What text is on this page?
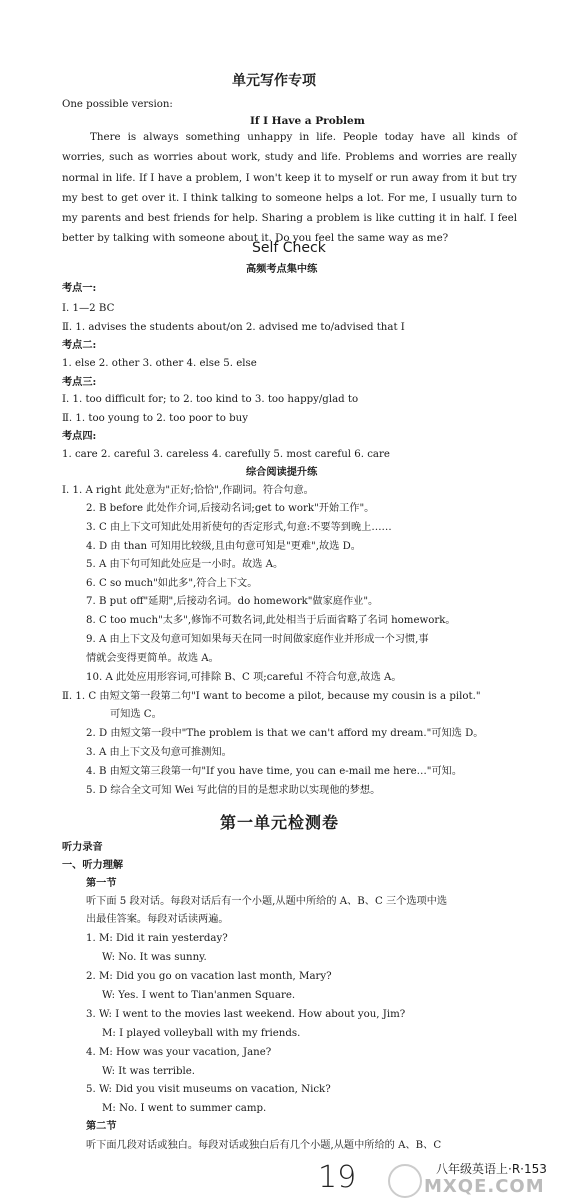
单元写作专项
One possible version:
If I Have a Problem
There is always something unhappy in life. People today have all kinds of worries, such as worries about work, study and life. Problems and worries are really normal in life. If I have a problem, I won't keep it to myself or run away from it but try my best to get over it. I think talking to someone helps a lot. For me, I usually turn to my parents and best friends for help. Sharing a problem is like cutting it in half. I feel better by talking with someone about it. Do you feel the same way as me?
Self Check
高频考点集中练
考点一:
Ⅰ. 1—2 BC
Ⅱ. 1. advises the students about/on 2. advised me to/advised that I
考点二:
1. else 2. other 3. other 4. else 5. else
考点三:
Ⅰ. 1. too difficult for; to 2. too kind to 3. too happy/glad to
Ⅱ. 1. too young to 2. too poor to buy
考点四:
1. care 2. careful 3. careless 4. carefully 5. most careful 6. care
综合阅读提升练
Ⅰ. 1. A right 此处意为"正好;恰恰",作副词。符合句意。
2. B before 此处作介词,后接动名词;get to work"开始工作"。
3. C 由上下文可知此处用祈使句的否定形式,句意:不要等到晚上……
4. D 由 than 可知用比较级,且由句意可知是"更难",故选 D。
5. A 由下句可知此处应是一小时。故选 A。
6. C so much"如此多",符合上下文。
7. B put off"延期",后接动名词。do homework"做家庭作业"。
8. C too much"太多",修饰不可数名词,此处相当于后面省略了名词 homework。
9. A 由上下文及句意可知如果每天在同一时间做家庭作业并形成一个习惯,事
情就会变得更简单。故选 A。
10. A 此处应用形容词,可排除 B、C 项;careful 不符合句意,故选 A。
Ⅱ. 1. C 由短文第一段第二句"I want to become a pilot, because my cousin is a pilot."
可知选 C。
2. D 由短文第一段中"The problem is that we can't afford my dream."可知选 D。
3. A 由上下文及句意可推测知。
4. B 由短文第三段第一句"If you have time, you can e-mail me here…"可知。
5. D 综合全文可知 Wei 写此信的目的是想求助以实现他的梦想。
第一单元检测卷
听力录音
一、听力理解
第一节
听下面 5 段对话。每段对话后有一个小题,从题中所给的 A、B、C 三个选项中选
出最佳答案。每段对话读两遍。
1. M: Did it rain yesterday?
W: No. It was sunny.
2. M: Did you go on vacation last month, Mary?
W: Yes. I went to Tian'anmen Square.
3. W: I went to the movies last weekend. How about you, Jim?
M: I played volleyball with my friends.
4. M: How was your vacation, Jane?
W: It was terrible.
5. W: Did you visit museums on vacation, Nick?
M: No. I went to summer camp.
第二节
听下面几段对话或独白。每段对话或独白后有几个小题,从题中所给的 A、B、C
八年级英语上·R·153
19	MXQE.COM
